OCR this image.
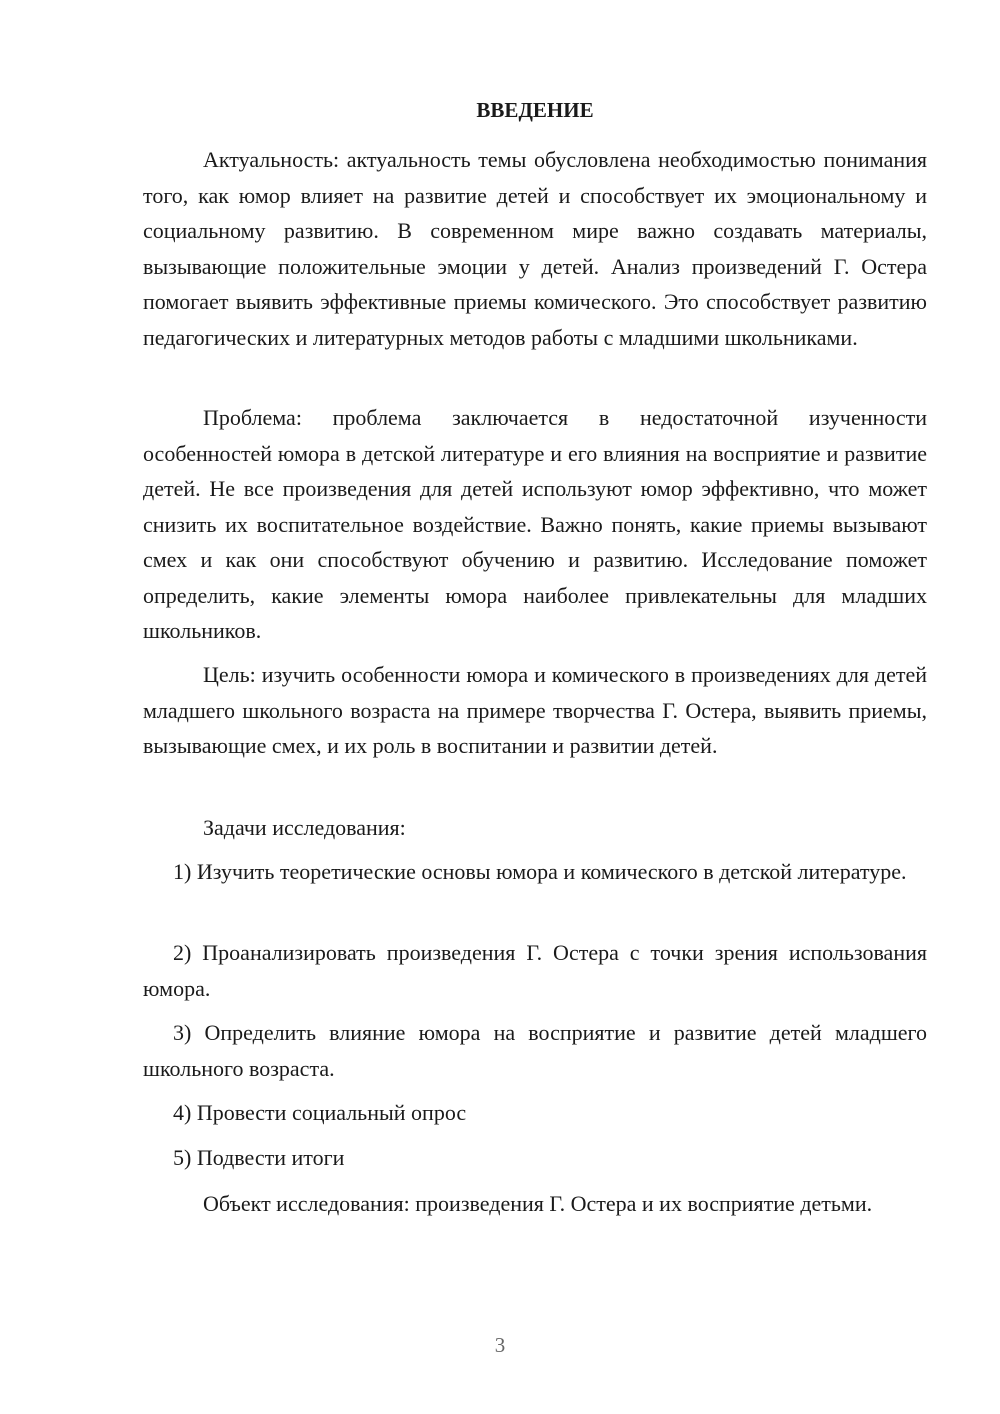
ВВЕДЕНИЕ

Актуальность: актуальность темы обусловлена необходимостью понимания того, как юмор влияет на развитие детей и способствует их эмоциональному и социальному развитию. В современном мире важно создавать материалы, вызывающие положительные эмоции у детей. Анализ произведений Г. Остера помогает выявить эффективные приемы комического. Это способствует развитию педагогических и литературных методов работы с младшими школьниками.

Проблема: проблема заключается в недостаточной изученности особенностей юмора в детской литературе и его влияния на восприятие и развитие детей. Не все произведения для детей используют юмор эффективно, что может снизить их воспитательное воздействие. Важно понять, какие приемы вызывают смех и как они способствуют обучению и развитию. Исследование поможет определить, какие элементы юмора наиболее привлекательны для младших школьников.

Цель: изучить особенности юмора и комического в произведениях для детей младшего школьного возраста на примере творчества Г. Остера, выявить приемы, вызывающие смех, и их роль в воспитании и развитии детей.

Задачи исследования:

1) Изучить теоретические основы юмора и комического в детской литературе.

2) Проанализировать произведения Г. Остера с точки зрения использования юмора.

3) Определить влияние юмора на восприятие и развитие детей младшего школьного возраста.

4) Провести социальный опрос

5) Подвести итоги

Объект исследования: произведения Г. Остера и их восприятие детьми.

3
